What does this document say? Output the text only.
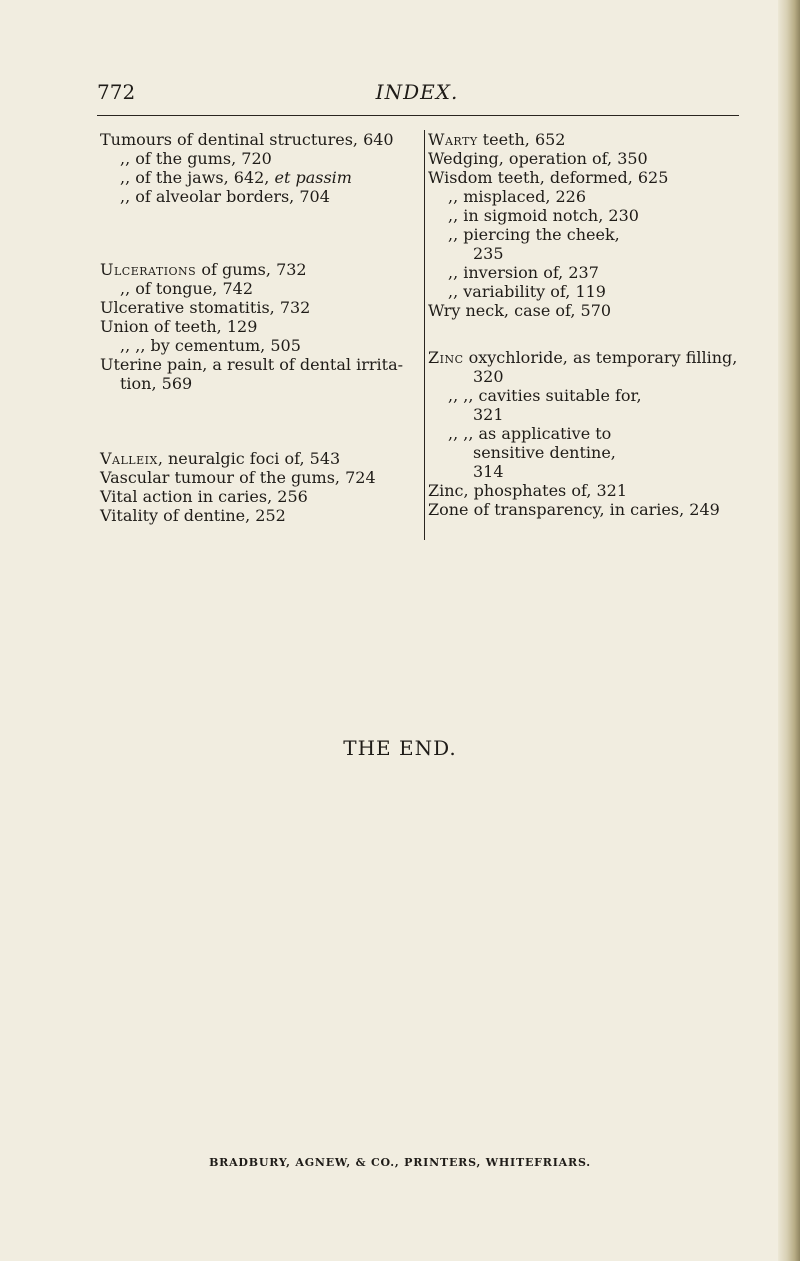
772	INDEX.
Tumours of dentinal structures, 640
,, of the gums, 720
,, of the jaws, 642, et passim
,, of alveolar borders, 704
Ulcerations of gums, 732
,, of tongue, 742
Ulcerative stomatitis, 732
Union of teeth, 129
,, ,, by cementum, 505
Uterine pain, a result of dental irrita-
tion, 569
Valleix, neuralgic foci of, 543
Vascular tumour of the gums, 724
Vital action in caries, 256
Vitality of dentine, 252
Warty teeth, 652
Wedging, operation of, 350
Wisdom teeth, deformed, 625
,, misplaced, 226
,, in sigmoid notch, 230
,, piercing the cheek,
235
,, inversion of, 237
,, variability of, 119
Wry neck, case of, 570
Zinc oxychloride, as temporary filling,
320
,, ,, cavities suitable for,
321
,, ,, as applicative to
sensitive dentine,
314
Zinc, phosphates of, 321
Zone of transparency, in caries, 249
THE END.
BRADBURY, AGNEW, & CO., PRINTERS, WHITEFRIARS.
